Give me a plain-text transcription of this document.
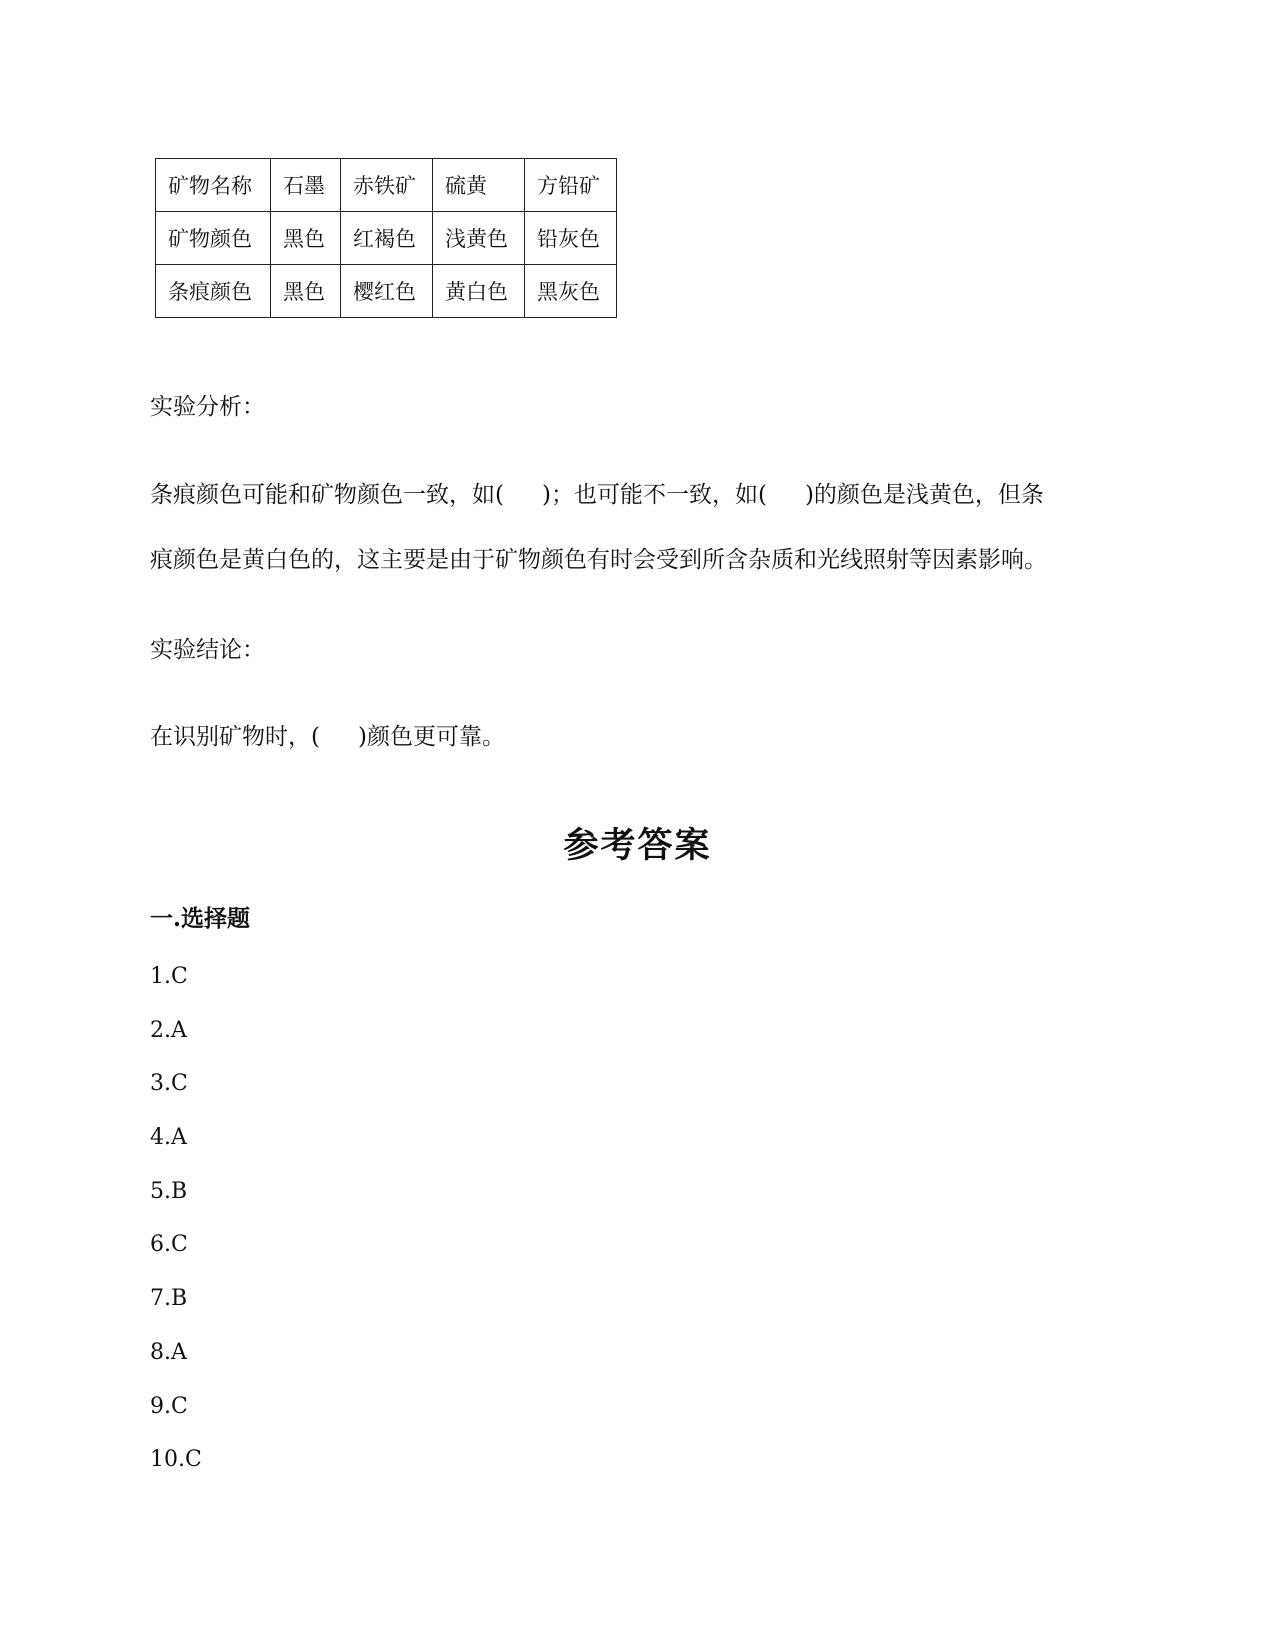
矿物名称	石墨	赤铁矿	硫黄	方铅矿
矿物颜色	黑色	红褐色	浅黄色	铅灰色
条痕颜色	黑色	樱红色	黄白色	黑灰色

实验分析：

条痕颜色可能和矿物颜色一致，如( )；也可能不一致，如( )的颜色是浅黄色，但条

痕颜色是黄白色的，这主要是由于矿物颜色有时会受到所含杂质和光线照射等因素影响。

实验结论：

在识别矿物时，( )颜色更可靠。

参考答案
一.选择题
1.C
2.A
3.C
4.A
5.B
6.C
7.B
8.A
9.C
10.C
